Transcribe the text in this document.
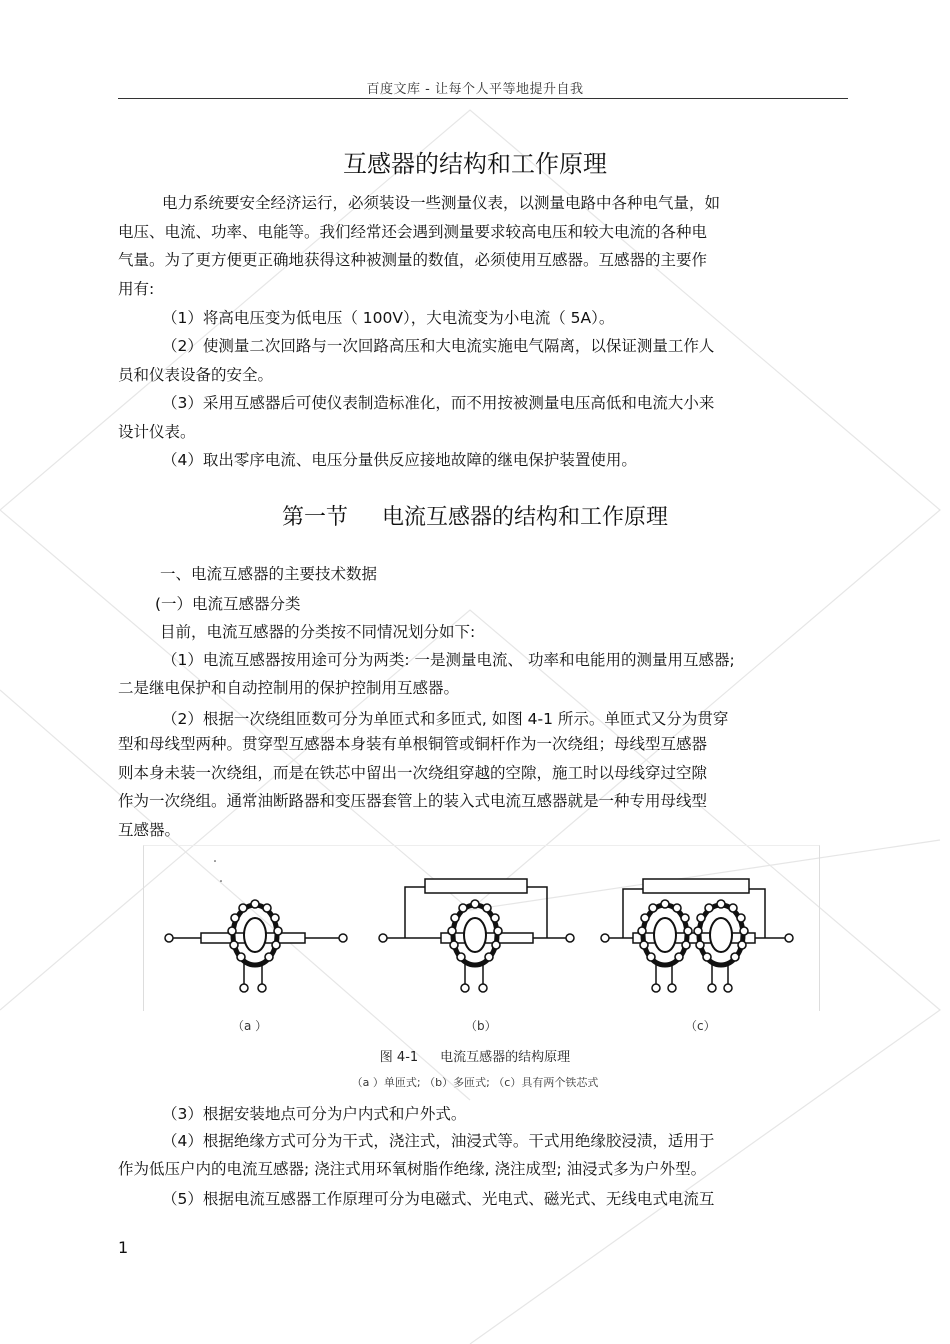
百度文库 - 让每个人平等地提升自我
互感器的结构和工作原理
电力系统要安全经济运行，必须装设一些测量仪表，以测量电路中各种电气量，如
电压、电流、功率、电能等。我们经常还会遇到测量要求较高电压和较大电流的各种电
气量。为了更方便更正确地获得这种被测量的数值，必须使用互感器。互感器的主要作
用有:
（1）将高电压变为低电压（ 100V），大电流变为小电流（ 5A）。
（2）使测量二次回路与一次回路高压和大电流实施电气隔离，以保证测量工作人
员和仪表设备的安全。
（3）采用互感器后可使仪表制造标准化，而不用按被测量电压高低和电流大小来
设计仪表。
（4）取出零序电流、电压分量供反应接地故障的继电保护装置使用。
第一节 电流互感器的结构和工作原理
一、电流互感器的主要技术数据
(一）电流互感器分类
目前，电流互感器的分类按不同情况划分如下:
（1）电流互感器按用途可分为两类: 一是测量电流、 功率和电能用的测量用互感器;
二是继电保护和自动控制用的保护控制用互感器。
（2）根据一次绕组匝数可分为单匝式和多匝式, 如图 4-1 所示。单匝式又分为贯穿
型和母线型两种。贯穿型互感器本身装有单根铜管或铜杆作为一次绕组；母线型互感器
则本身未装一次绕组，而是在铁芯中留出一次绕组穿越的空隙，施工时以母线穿过空隙
作为一次绕组。通常油断路器和变压器套管上的装入式电流互感器就是一种专用母线型
互感器。
（a ）	（b）	（c）
图 4-1 电流互感器的结构原理
（a ）单匝式; （b）多匝式; （c）具有两个铁芯式
（3）根据安装地点可分为户内式和户外式。
（4）根据绝缘方式可分为干式，浇注式，油浸式等。干式用绝缘胶浸渍，适用于
作为低压户内的电流互感器; 浇注式用环氧树脂作绝缘, 浇注成型; 油浸式多为户外型。
（5）根据电流互感器工作原理可分为电磁式、光电式、磁光式、无线电式电流互
1
